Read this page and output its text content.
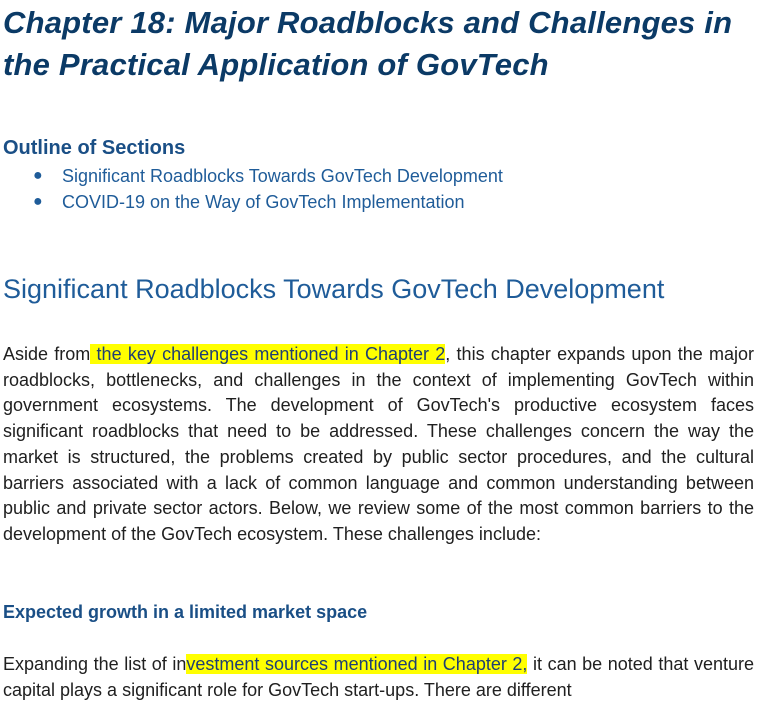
Chapter 18: Major Roadblocks and Challenges in the Practical Application of GovTech
Outline of Sections
● Significant Roadblocks Towards GovTech Development
● COVID-19 on the Way of GovTech Implementation
Significant Roadblocks Towards GovTech Development

Aside from the key challenges mentioned in Chapter 2, this chapter expands upon the major roadblocks, bottlenecks, and challenges in the context of implementing GovTech within government ecosystems. The development of GovTech's productive ecosystem faces significant roadblocks that need to be addressed. These challenges concern the way the market is structured, the problems created by public sector procedures, and the cultural barriers associated with a lack of common language and common understanding between public and private sector actors. Below, we review some of the most common barriers to the development of the GovTech ecosystem. These challenges include:

Expected growth in a limited market space

Expanding the list of investment sources mentioned in Chapter 2, it can be noted that venture capital plays a significant role for GovTech start-ups. There are different
